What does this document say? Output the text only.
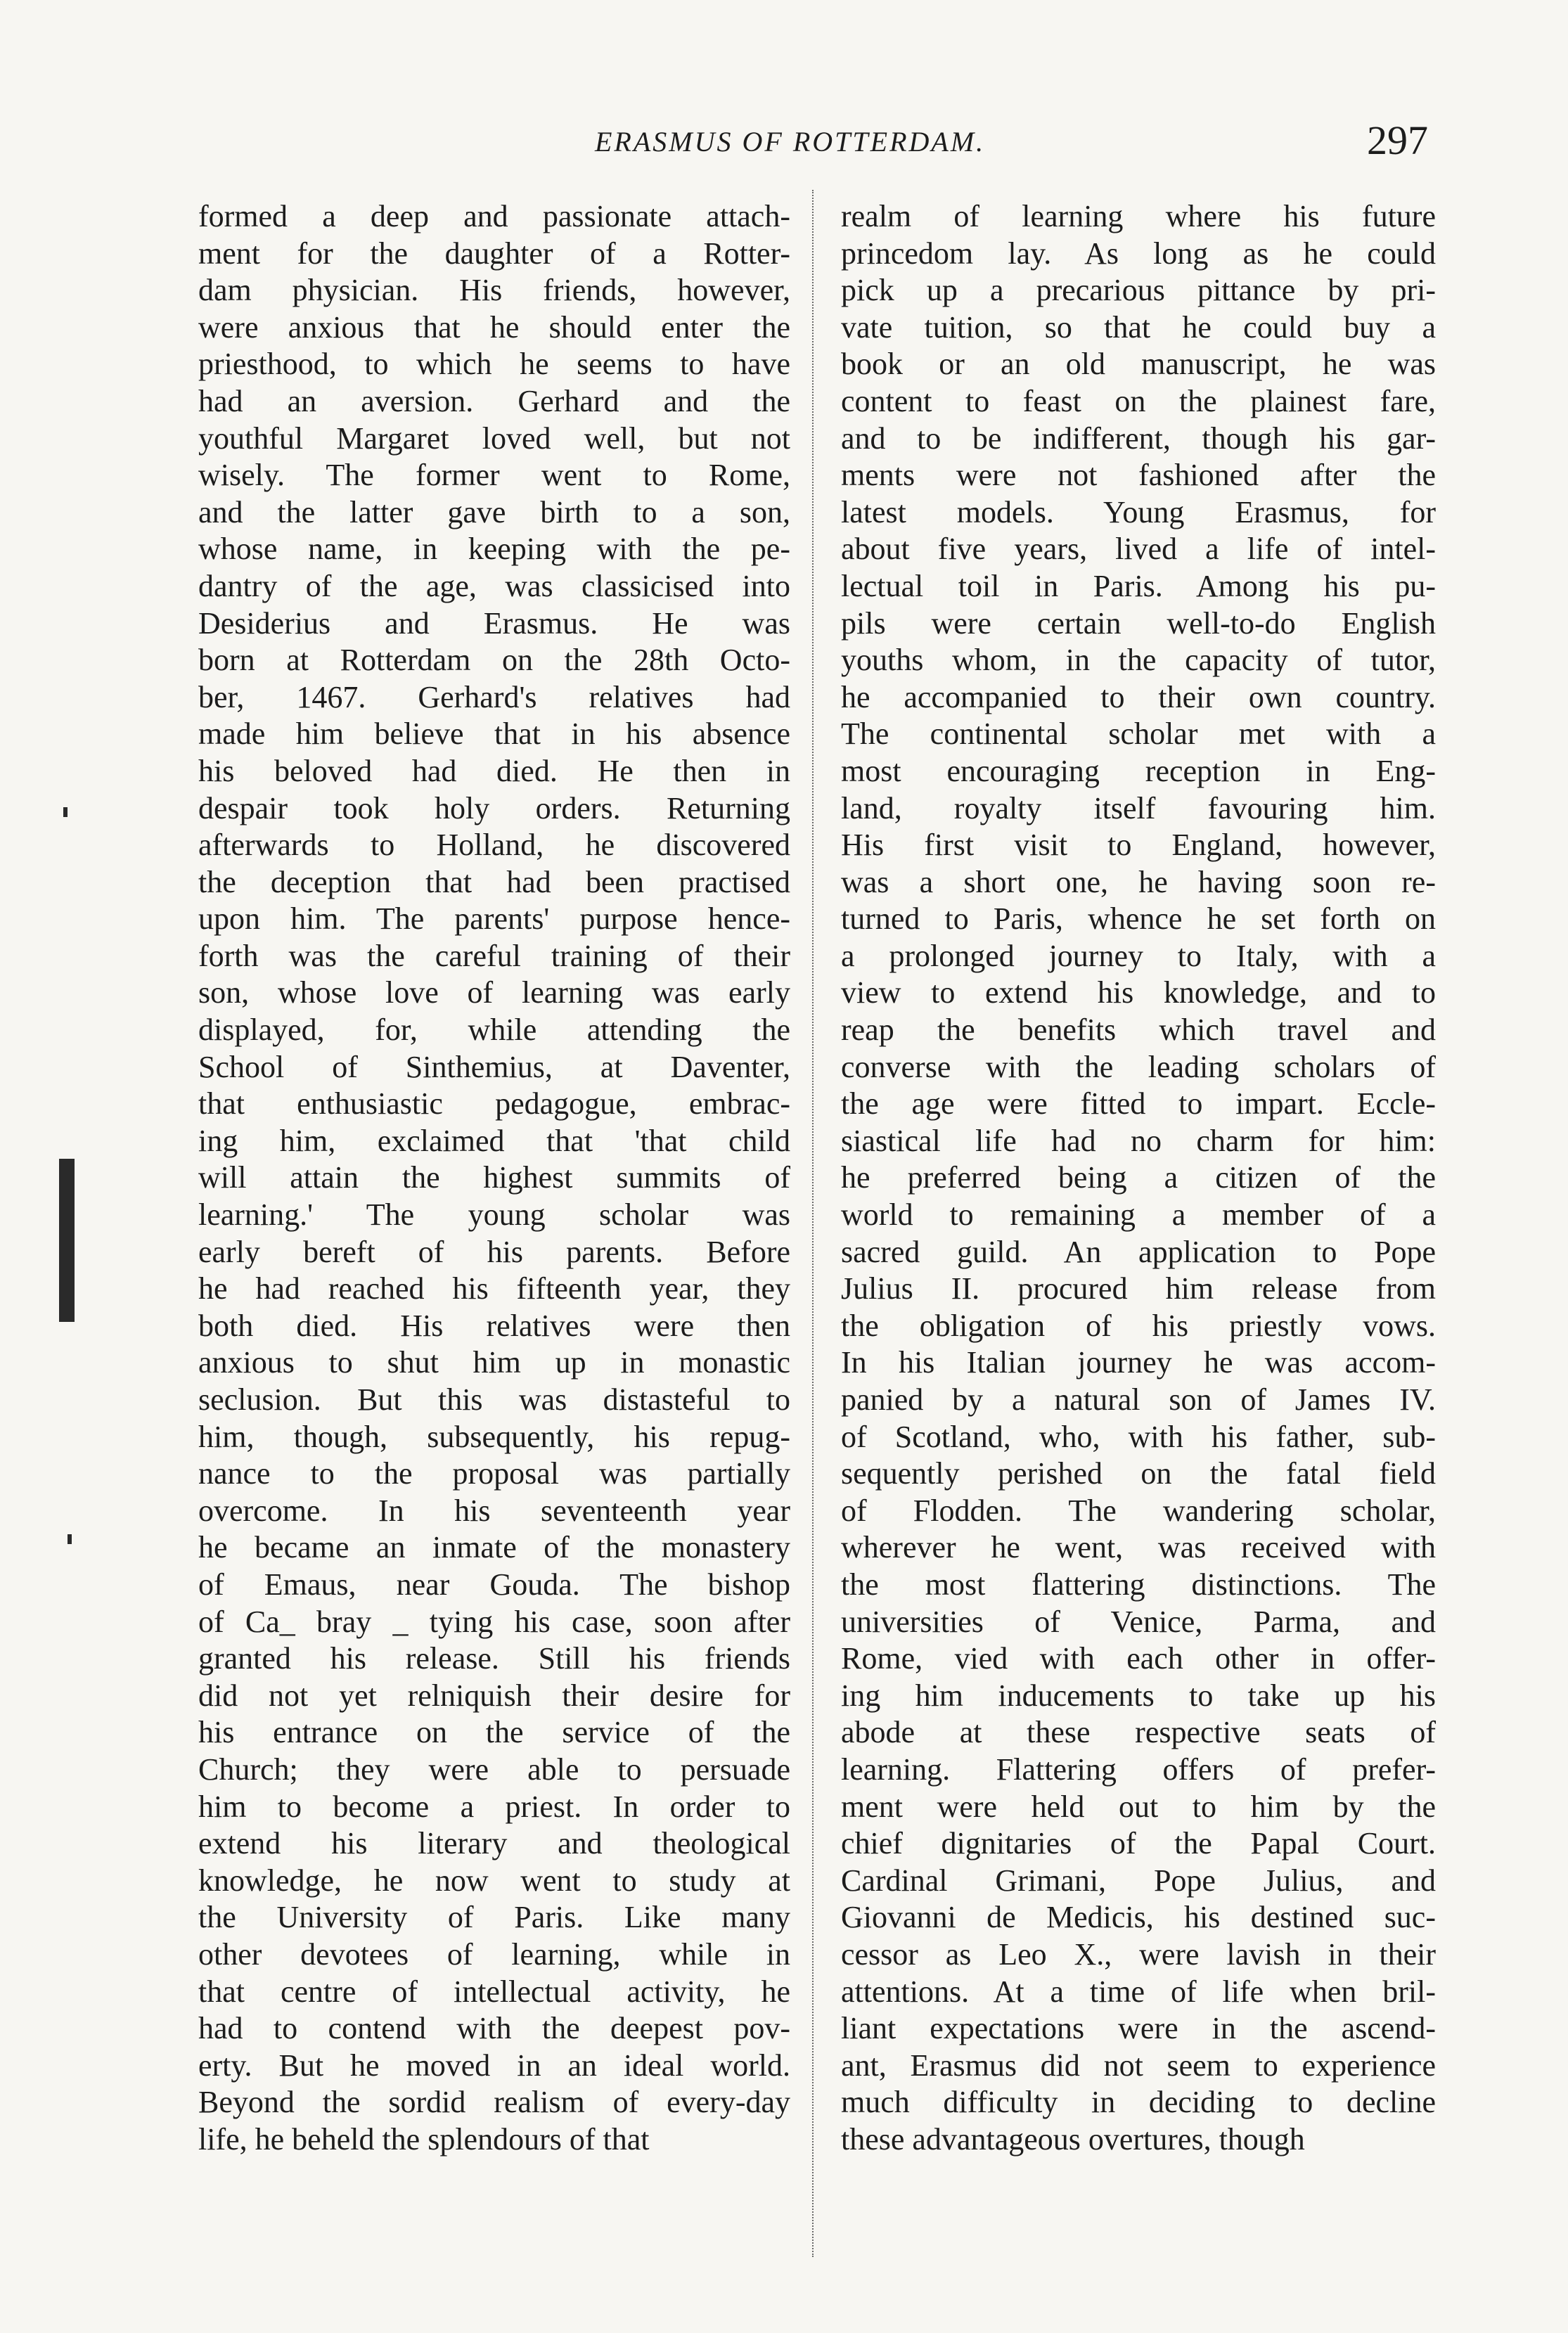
ERASMUS OF ROTTERDAM.	297
formed a deep and passionate attach-
ment for the daughter of a Rotter-
dam physician. His friends, however,
were anxious that he should enter the
priesthood, to which he seems to have
had an aversion. Gerhard and the
youthful Margaret loved well, but not
wisely. The former went to Rome,
and the latter gave birth to a son,
whose name, in keeping with the pe-
dantry of the age, was classicised into
Desiderius and Erasmus. He was
born at Rotterdam on the 28th Octo-
ber, 1467. Gerhard's relatives had
made him believe that in his absence
his beloved had died. He then in
despair took holy orders. Returning
afterwards to Holland, he discovered
the deception that had been practised
upon him. The parents' purpose hence-
forth was the careful training of their
son, whose love of learning was early
displayed, for, while attending the
School of Sinthemius, at Daventer,
that enthusiastic pedagogue, embrac-
ing him, exclaimed that 'that child
will attain the highest summits of
learning.' The young scholar was
early bereft of his parents. Before
he had reached his fifteenth year, they
both died. His relatives were then
anxious to shut him up in monastic
seclusion. But this was distasteful to
him, though, subsequently, his repug-
nance to the proposal was partially
overcome. In his seventeenth year
he became an inmate of the monastery
of Emaus, near Gouda. The bishop
of Ca_ bray _ tying his case, soon after
granted his release. Still his friends
did not yet relniquish their desire for
his entrance on the service of the
Church; they were able to persuade
him to become a priest. In order to
extend his literary and theological
knowledge, he now went to study at
the University of Paris. Like many
other devotees of learning, while in
that centre of intellectual activity, he
had to contend with the deepest pov-
erty. But he moved in an ideal world.
Beyond the sordid realism of every-day
life, he beheld the splendours of that
realm of learning where his future
princedom lay. As long as he could
pick up a precarious pittance by pri-
vate tuition, so that he could buy a
book or an old manuscript, he was
content to feast on the plainest fare,
and to be indifferent, though his gar-
ments were not fashioned after the
latest models. Young Erasmus, for
about five years, lived a life of intel-
lectual toil in Paris. Among his pu-
pils were certain well-to-do English
youths whom, in the capacity of tutor,
he accompanied to their own country.
The continental scholar met with a
most encouraging reception in Eng-
land, royalty itself favouring him.
His first visit to England, however,
was a short one, he having soon re-
turned to Paris, whence he set forth on
a prolonged journey to Italy, with a
view to extend his knowledge, and to
reap the benefits which travel and
converse with the leading scholars of
the age were fitted to impart. Eccle-
siastical life had no charm for him:
he preferred being a citizen of the
world to remaining a member of a
sacred guild. An application to Pope
Julius II. procured him release from
the obligation of his priestly vows.
In his Italian journey he was accom-
panied by a natural son of James IV.
of Scotland, who, with his father, sub-
sequently perished on the fatal field
of Flodden. The wandering scholar,
wherever he went, was received with
the most flattering distinctions. The
universities of Venice, Parma, and
Rome, vied with each other in offer-
ing him inducements to take up his
abode at these respective seats of
learning. Flattering offers of prefer-
ment were held out to him by the
chief dignitaries of the Papal Court.
Cardinal Grimani, Pope Julius, and
Giovanni de Medicis, his destined suc-
cessor as Leo X., were lavish in their
attentions. At a time of life when bril-
liant expectations were in the ascend-
ant, Erasmus did not seem to experience
much difficulty in deciding to decline
these advantageous overtures, though
